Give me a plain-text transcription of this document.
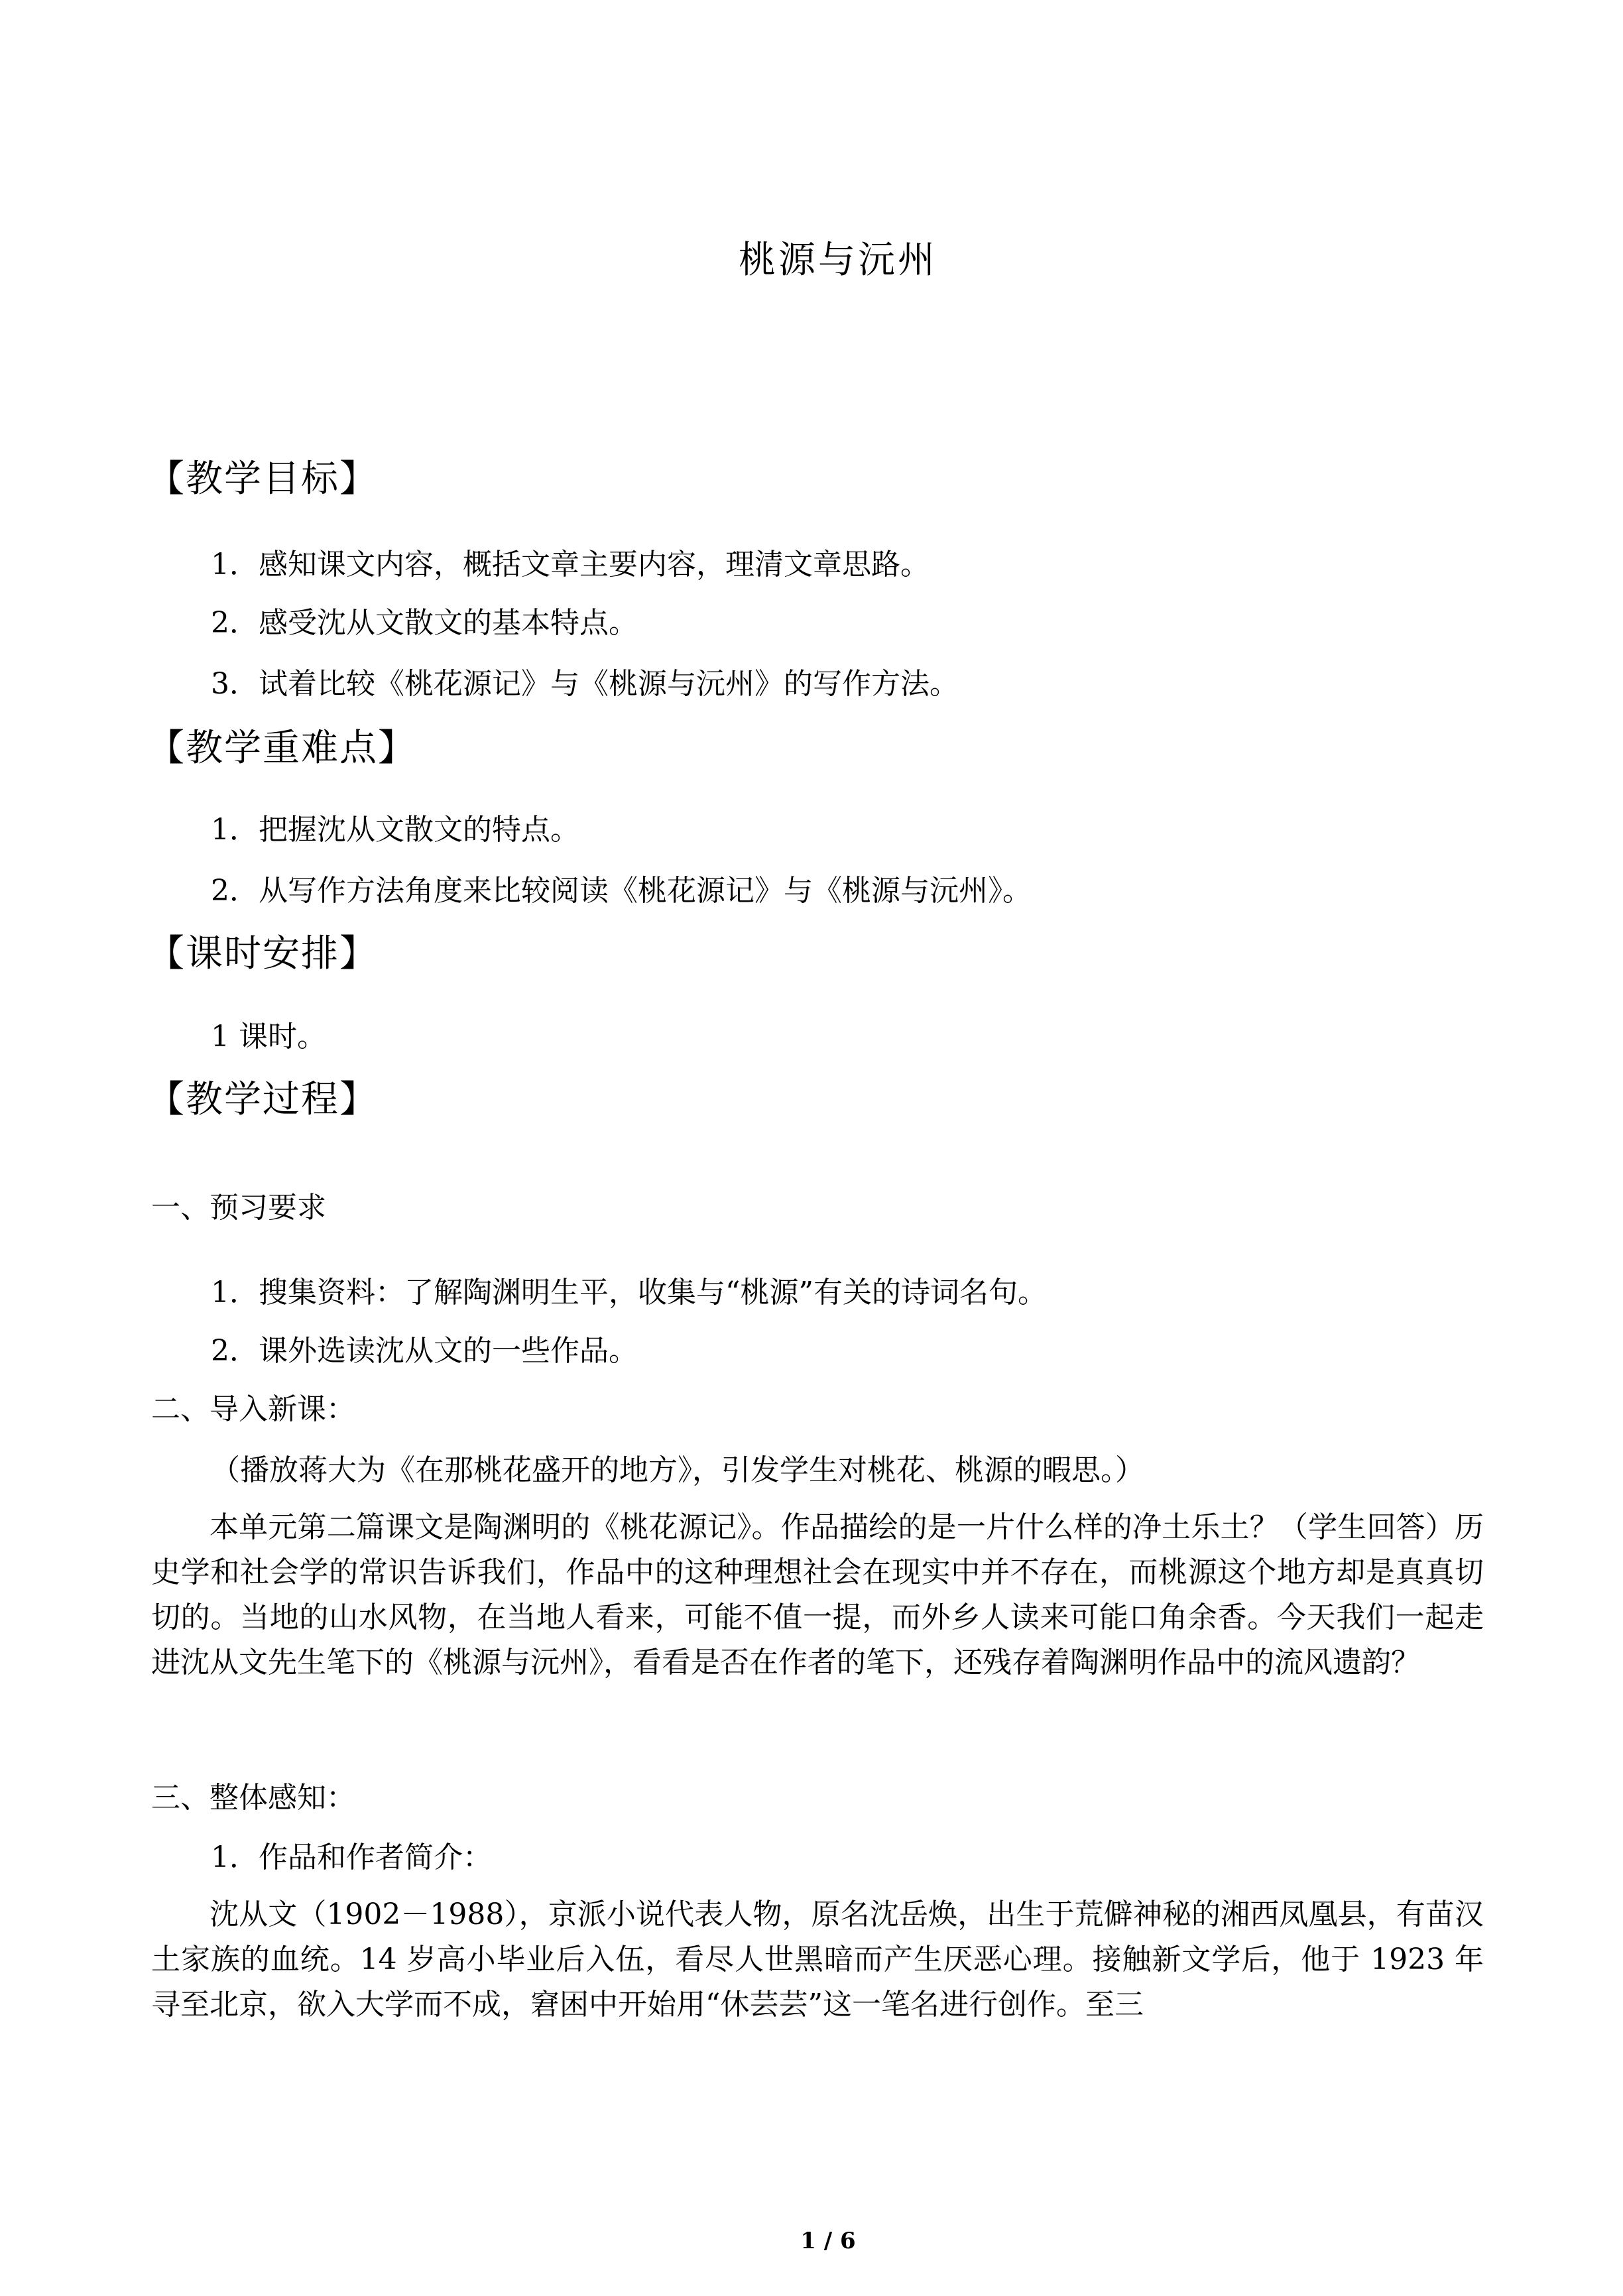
桃源与沅州
【教学目标】
1．感知课文内容，概括文章主要内容，理清文章思路。
2．感受沈从文散文的基本特点。
3．试着比较《桃花源记》与《桃源与沅州》的写作方法。
【教学重难点】
1．把握沈从文散文的特点。
2．从写作方法角度来比较阅读《桃花源记》与《桃源与沅州》。
【课时安排】
1 课时。
【教学过程】
一、预习要求
1．搜集资料：了解陶渊明生平，收集与“桃源”有关的诗词名句。
2．课外选读沈从文的一些作品。
二、导入新课：
（播放蒋大为《在那桃花盛开的地方》，引发学生对桃花、桃源的暇思。）
本单元第二篇课文是陶渊明的《桃花源记》。作品描绘的是一片什么样的净土乐土？（学生回答）历史学和社会学的常识告诉我们，作品中的这种理想社会在现实中并不存在，而桃源这个地方却是真真切切的。当地的山水风物，在当地人看来，可能不值一提，而外乡人读来可能口角余香。今天我们一起走进沈从文先生笔下的《桃源与沅州》，看看是否在作者的笔下，还残存着陶渊明作品中的流风遗韵？
三、整体感知：
1．作品和作者简介：
沈从文（1902－1988），京派小说代表人物，原名沈岳焕，出生于荒僻神秘的湘西凤凰县，有苗汉土家族的血统。14 岁高小毕业后入伍，看尽人世黑暗而产生厌恶心理。接触新文学后，他于 1923 年寻至北京，欲入大学而不成，窘困中开始用“休芸芸”这一笔名进行创作。至三
1 / 6
